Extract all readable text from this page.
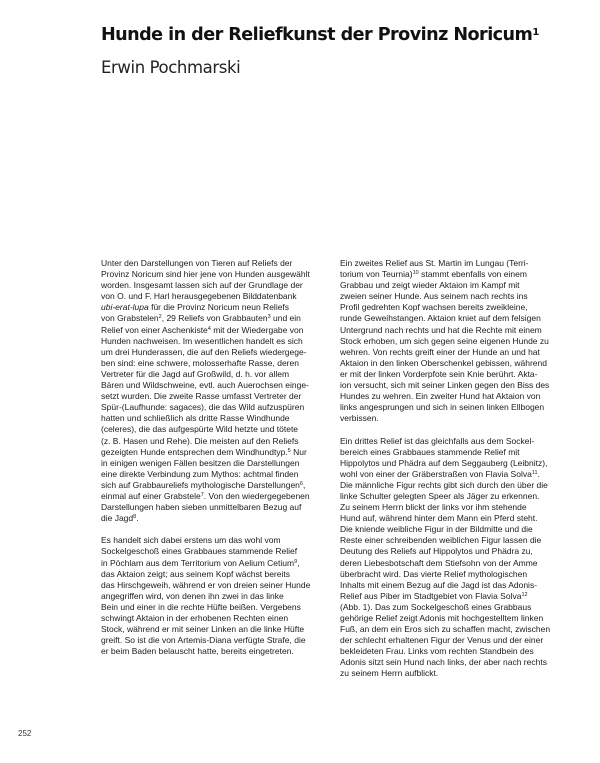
Hunde in der Reliefkunst der Provinz Noricum$^1$
Erwin Pochmarski

Unter den Darstellungen von Tieren auf Reliefs der
Provinz Noricum sind hier jene von Hunden ausgewählt
worden. Insgesamt lassen sich auf der Grundlage der
von O. und F. Harl herausgegebenen Bilddatenbank
ubi-erat-lupa für die Provinz Noricum neun Reliefs
von Grabstelen$^2$, 29 Reliefs von Grabbauten$^3$ und ein
Relief von einer Aschenkiste$^4$ mit der Wiedergabe von
Hunden nachweisen. Im wesentlichen handelt es sich
um drei Hunderassen, die auf den Reliefs wiedergege-
ben sind: eine schwere, molosserhafte Rasse, deren
Vertreter für die Jagd auf Großwild, d. h. vor allem
Bären und Wildschweine, evtl. auch Auerochsen einge-
setzt wurden. Die zweite Rasse umfasst Vertreter der
Spür-(Laufhunde: sagaces), die das Wild aufzuspüren
hatten und schließlich als dritte Rasse Windhunde
(celeres), die das aufgespürte Wild hetzte und tötete
(z. B. Hasen und Rehe). Die meisten auf den Reliefs
gezeigten Hunde entsprechen dem Windhundtyp.$^5$ Nur
in einigen wenigen Fällen besitzen die Darstellungen
eine direkte Verbindung zum Mythos: achtmal finden
sich auf Grabbaureliefs mythologische Darstellungen$^6$,
einmal auf einer Grabstele$^7$. Von den wiedergegebenen
Darstellungen haben sieben unmittelbaren Bezug auf
die Jagd$^8$.

Es handelt sich dabei erstens um das wohl vom
Sockelgeschoß eines Grabbaues stammende Relief
in Pöchlarn aus dem Territorium von Aelium Cetium$^9$,
das Aktaion zeigt; aus seinem Kopf wächst bereits
das Hirschgeweih, während er von dreien seiner Hunde
angegriffen wird, von denen ihn zwei in das linke
Bein und einer in die rechte Hüfte beißen. Vergebens
schwingt Aktaion in der erhobenen Rechten einen
Stock, während er mit seiner Linken an die linke Hüfte
greift. So ist die von Artemis-Diana verfügte Strafe, die
er beim Baden belauscht hatte, bereits eingetreten.

Ein zweites Relief aus St. Martin im Lungau (Terri-
torium von Teurnia)$^{10}$ stammt ebenfalls von einem
Grabbau und zeigt wieder Aktaion im Kampf mit
zweien seiner Hunde. Aus seinem nach rechts ins
Profil gedrehten Kopf wachsen bereits zweikleine,
runde Geweihstangen. Aktaion kniet auf dem felsigen
Untergrund nach rechts und hat die Rechte mit einem
Stock erhoben, um sich gegen seine eigenen Hunde zu
wehren. Von rechts greift einer der Hunde an und hat
Aktaion in den linken Oberschenkel gebissen, während
er mit der linken Vorderpfote sein Knie berührt. Akta-
ion versucht, sich mit seiner Linken gegen den Biss des
Hundes zu wehren. Ein zweiter Hund hat Aktaion von
links angesprungen und sich in seinen linken Ellbogen
verbissen.

Ein drittes Relief ist das gleichfalls aus dem Sockel-
bereich eines Grabbaues stammende Relief mit
Hippolytos und Phädra auf dem Seggauberg (Leibnitz),
wohl von einer der Gräberstraßen von Flavia Solva$^{11}$.
Die männliche Figur rechts gibt sich durch den über die
linke Schulter gelegten Speer als Jäger zu erkennen.
Zu seinem Herrn blickt der links vor ihm stehende
Hund auf, während hinter dem Mann ein Pferd steht.
Die kniende weibliche Figur in der Bildmitte und die
Reste einer schreibenden weiblichen Figur lassen die
Deutung des Reliefs auf Hippolytos und Phädra zu,
deren Liebesbotschaft dem Stiefsohn von der Amme
überbracht wird. Das vierte Relief mythologischen
Inhalts mit einem Bezug auf die Jagd ist das Adonis-
Relief aus Piber im Stadtgebiet von Flavia Solva$^{12}$
(Abb. 1). Das zum Sockelgeschoß eines Grabbaus
gehörige Relief zeigt Adonis mit hochgestelltem linken
Fuß, an dem ein Eros sich zu schaffen macht, zwischen
der schlecht erhaltenen Figur der Venus und der einer
bekleideten Frau. Links vom rechten Standbein des
Adonis sitzt sein Hund nach links, der aber nach rechts
zu seinem Herrn aufblickt.

252
